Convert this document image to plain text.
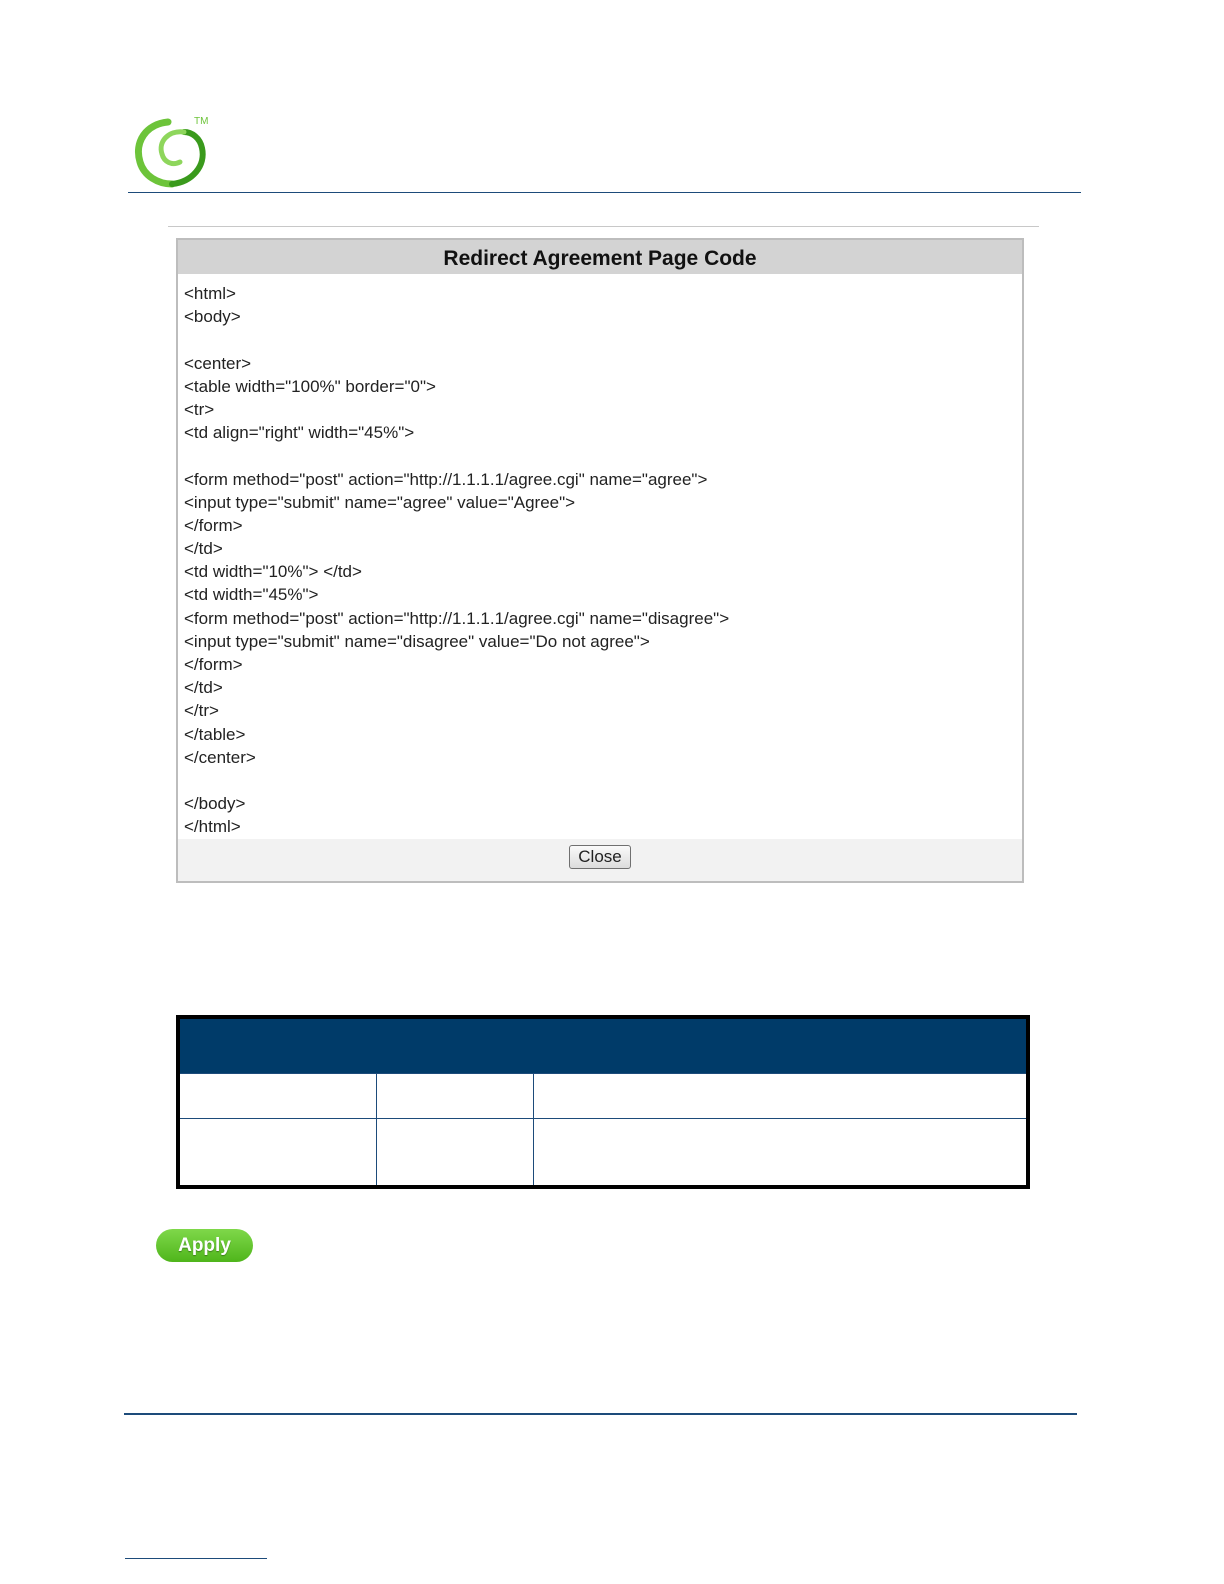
TM
Redirect Agreement Page Code
<html>
<body>
<center>
<table width="100%" border="0">
<tr>
<td align="right" width="45%">
<form method="post" action="http://1.1.1.1/agree.cgi" name="agree">
<input type="submit" name="agree" value="Agree">
</form>
</td>
<td width="10%"> </td>
<td width="45%">
<form method="post" action="http://1.1.1.1/agree.cgi" name="disagree">
<input type="submit" name="disagree" value="Do not agree">
</form>
</td>
</tr>
</table>
</center>
</body>
</html>
Close

Apply
